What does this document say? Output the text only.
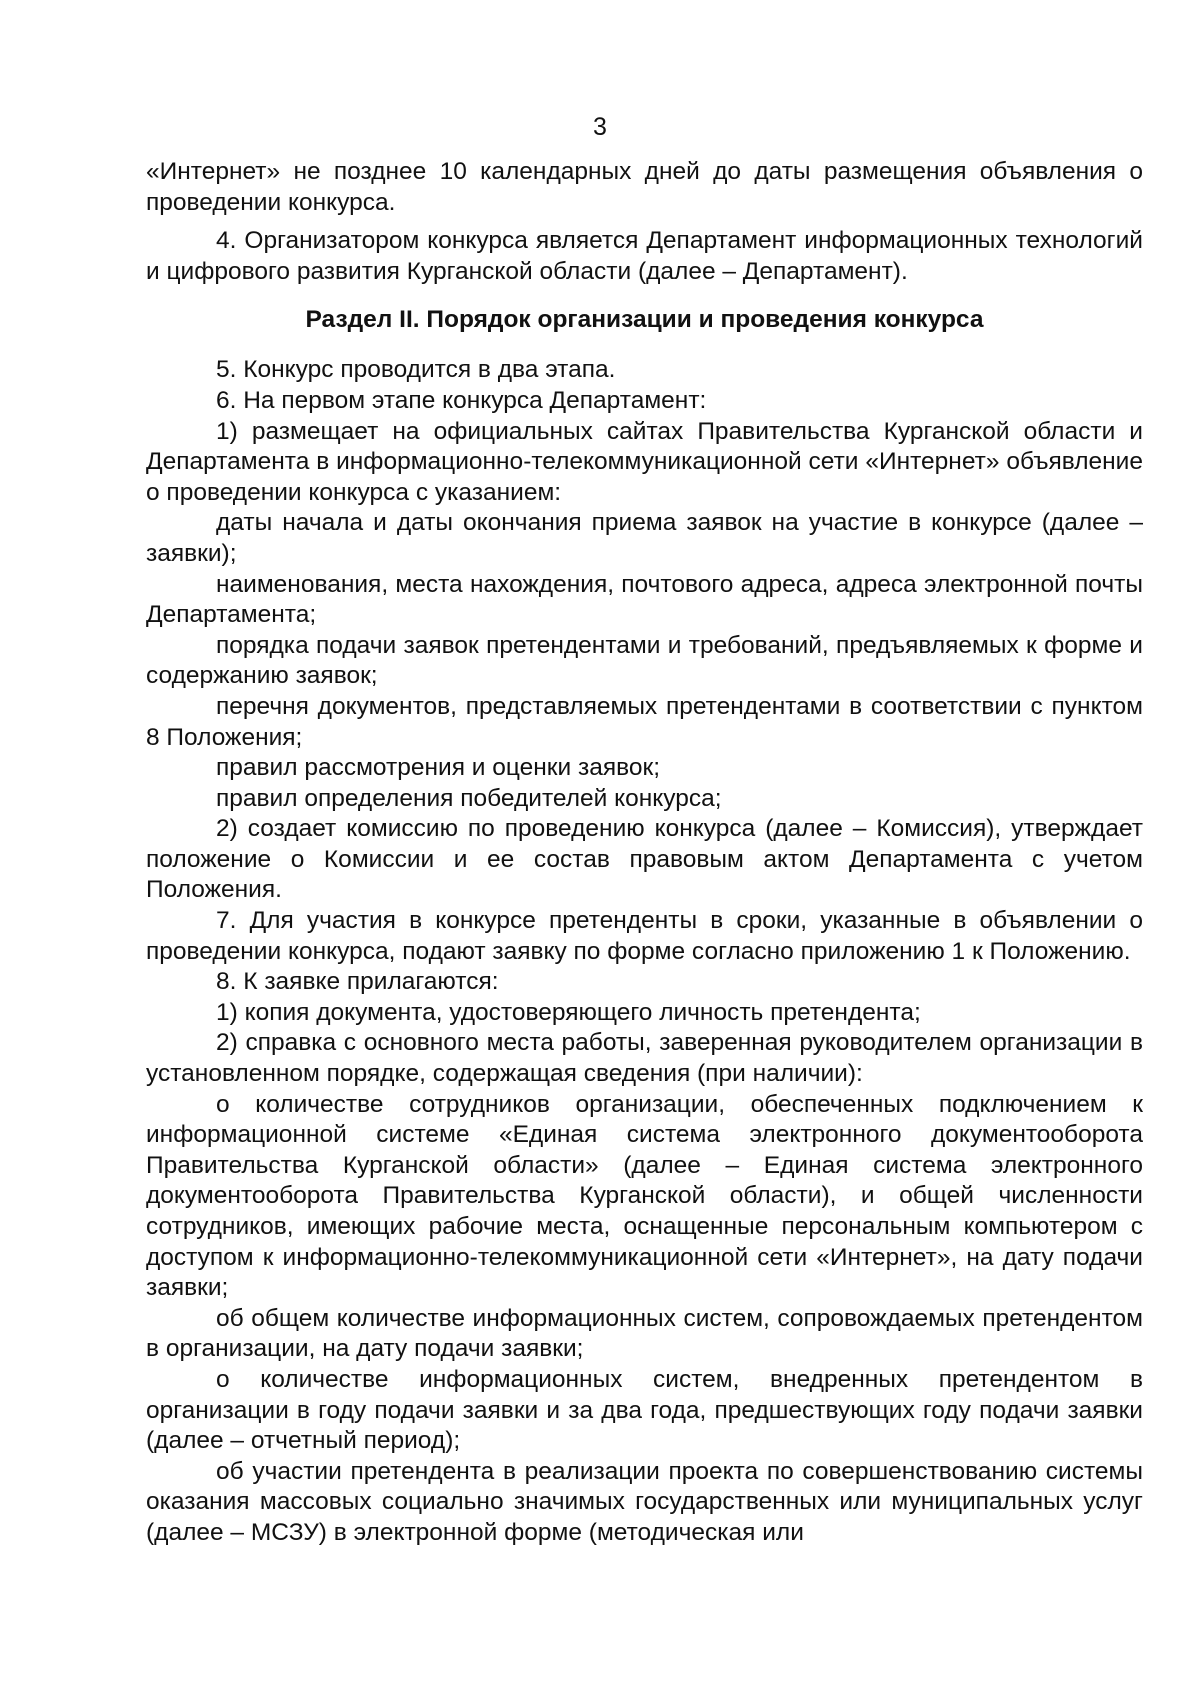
3

«Интернет» не позднее 10 календарных дней до даты размещения объявления о проведении конкурса.

4. Организатором конкурса является Департамент информационных технологий и цифрового развития Курганской области (далее – Департамент).

Раздел II. Порядок организации и проведения конкурса

5. Конкурс проводится в два этапа.

6. На первом этапе конкурса Департамент:

1) размещает на официальных сайтах Правительства Курганской области и Департамента в информационно-телекоммуникационной сети «Интернет» объявление о проведении конкурса с указанием:

даты начала и даты окончания приема заявок на участие в конкурсе (далее – заявки);

наименования, места нахождения, почтового адреса, адреса электронной почты Департамента;

порядка подачи заявок претендентами и требований, предъявляемых к форме и содержанию заявок;

перечня документов, представляемых претендентами в соответствии с пунктом 8 Положения;

правил рассмотрения и оценки заявок;

правил определения победителей конкурса;

2) создает комиссию по проведению конкурса (далее – Комиссия), утверждает положение о Комиссии и ее состав правовым актом Департамента с учетом Положения.

7. Для участия в конкурсе претенденты в сроки, указанные в объявлении о проведении конкурса, подают заявку по форме согласно приложению 1 к Положению.

8. К заявке прилагаются:

1) копия документа, удостоверяющего личность претендента;

2) справка с основного места работы, заверенная руководителем организации в установленном порядке, содержащая сведения (при наличии):

о количестве сотрудников организации, обеспеченных подключением к информационной системе «Единая система электронного документооборота Правительства Курганской области» (далее – Единая система электронного документооборота Правительства Курганской области), и общей численности сотрудников, имеющих рабочие места, оснащенные персональным компьютером с доступом к информационно-телекоммуникационной сети «Интернет», на дату подачи заявки;

об общем количестве информационных систем, сопровождаемых претендентом в организации, на дату подачи заявки;

о количестве информационных систем, внедренных претендентом в организации в году подачи заявки и за два года, предшествующих году подачи заявки (далее – отчетный период);

об участии претендента в реализации проекта по совершенствованию системы оказания массовых социально значимых государственных или муниципальных услуг (далее – МСЗУ) в электронной форме (методическая или
